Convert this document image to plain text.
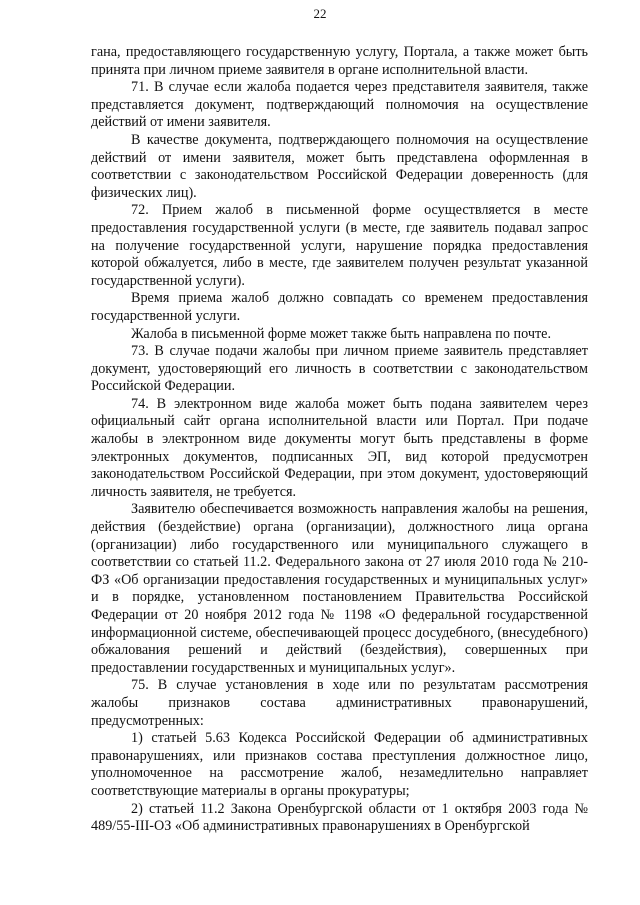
22

гана, предоставляющего государственную услугу, Портала, а также может быть принята при личном приеме заявителя в органе исполнительной власти.

71. В случае если жалоба подается через представителя заявителя, также представляется документ, подтверждающий полномочия на осуществление действий от имени заявителя.

В качестве документа, подтверждающего полномочия на осуществление действий от имени заявителя, может быть представлена оформленная в соответствии с законодательством Российской Федерации доверенность (для физических лиц).

72. Прием жалоб в письменной форме осуществляется в месте предоставления государственной услуги (в месте, где заявитель подавал запрос на получение государственной услуги, нарушение порядка предоставления которой обжалуется, либо в месте, где заявителем получен результат указанной государственной услуги).

Время приема жалоб должно совпадать со временем предоставления государственной услуги.

Жалоба в письменной форме может также быть направлена по почте.

73. В случае подачи жалобы при личном приеме заявитель представляет документ, удостоверяющий его личность в соответствии с законодательством Российской Федерации.

74. В электронном виде жалоба может быть подана заявителем через официальный сайт органа исполнительной власти или Портал. При подаче жалобы в электронном виде документы могут быть представлены в форме электронных документов, подписанных ЭП, вид которой предусмотрен законодательством Российской Федерации, при этом документ, удостоверяющий личность заявителя, не требуется.

Заявителю обеспечивается возможность направления жалобы на решения, действия (бездействие) органа (организации), должностного лица органа (организации) либо государственного или муниципального служащего в соответствии со статьей 11.2. Федерального закона от 27 июля 2010 года № 210-ФЗ «Об организации предоставления государственных и муниципальных услуг» и в порядке, установленном постановлением Правительства Российской Федерации от 20 ноября 2012 года № 1198 «О федеральной государственной информационной системе, обеспечивающей процесс досудебного, (внесудебного) обжалования решений и действий (бездействия), совершенных при предоставлении государственных и муниципальных услуг».

75. В случае установления в ходе или по результатам рассмотрения жалобы признаков состава административных правонарушений, предусмотренных:

1) статьей 5.63 Кодекса Российской Федерации об административных правонарушениях, или признаков состава преступления должностное лицо, уполномоченное на рассмотрение жалоб, незамедлительно направляет соответствующие материалы в органы прокуратуры;

2) статьей 11.2 Закона Оренбургской области от 1 октября 2003 года № 489/55-III-ОЗ «Об административных правонарушениях в Оренбургской
